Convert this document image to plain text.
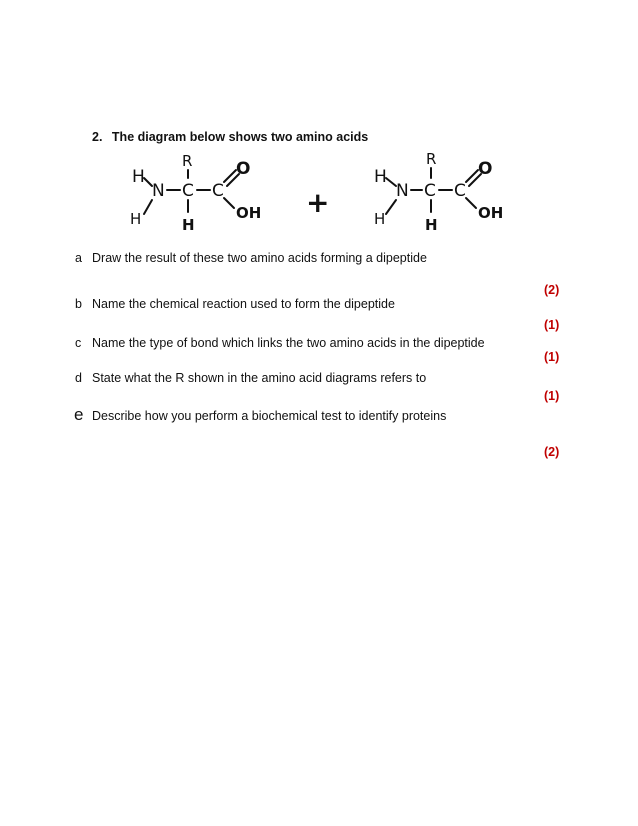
2. The diagram below shows two amino acids
H
H
N C
R
H
C
O
OH +
H
H
N C
R
H
C
O
OH
a Draw the result of these two amino acids forming a dipeptide
(2)
b Name the chemical reaction used to form the dipeptide
(1)
c Name the type of bond which links the two amino acids in the dipeptide
(1)
d State what the R shown in the amino acid diagrams refers to
(1)
e Describe how you perform a biochemical test to identify proteins
(2)
